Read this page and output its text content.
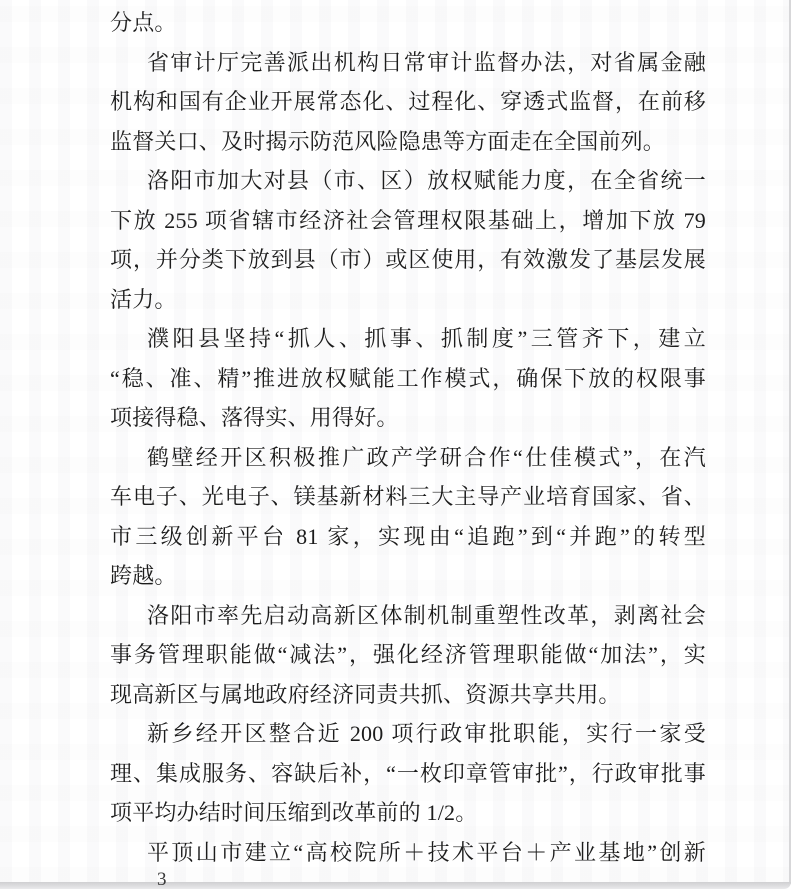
分点。
省审计厅完善派出机构日常审计监督办法，对省属金融
机构和国有企业开展常态化、过程化、穿透式监督，在前移
监督关口、及时揭示防范风险隐患等方面走在全国前列。
洛阳市加大对县（市、区）放权赋能力度，在全省统一
下放 255 项省辖市经济社会管理权限基础上，增加下放 79
项，并分类下放到县（市）或区使用，有效激发了基层发展
活力。
濮阳县坚持“抓人、抓事、抓制度”三管齐下，建立
“稳、准、精”推进放权赋能工作模式，确保下放的权限事
项接得稳、落得实、用得好。
鹤壁经开区积极推广政产学研合作“仕佳模式”，在汽
车电子、光电子、镁基新材料三大主导产业培育国家、省、
市三级创新平台 81 家，实现由“追跑”到“并跑”的转型
跨越。
洛阳市率先启动高新区体制机制重塑性改革，剥离社会
事务管理职能做“减法”，强化经济管理职能做“加法”，实
现高新区与属地政府经济同责共抓、资源共享共用。
新乡经开区整合近 200 项行政审批职能，实行一家受
理、集成服务、容缺后补，“一枚印章管审批”，行政审批事
项平均办结时间压缩到改革前的 1/2。
平顶山市建立“高校院所＋技术平台＋产业基地”创新
3
